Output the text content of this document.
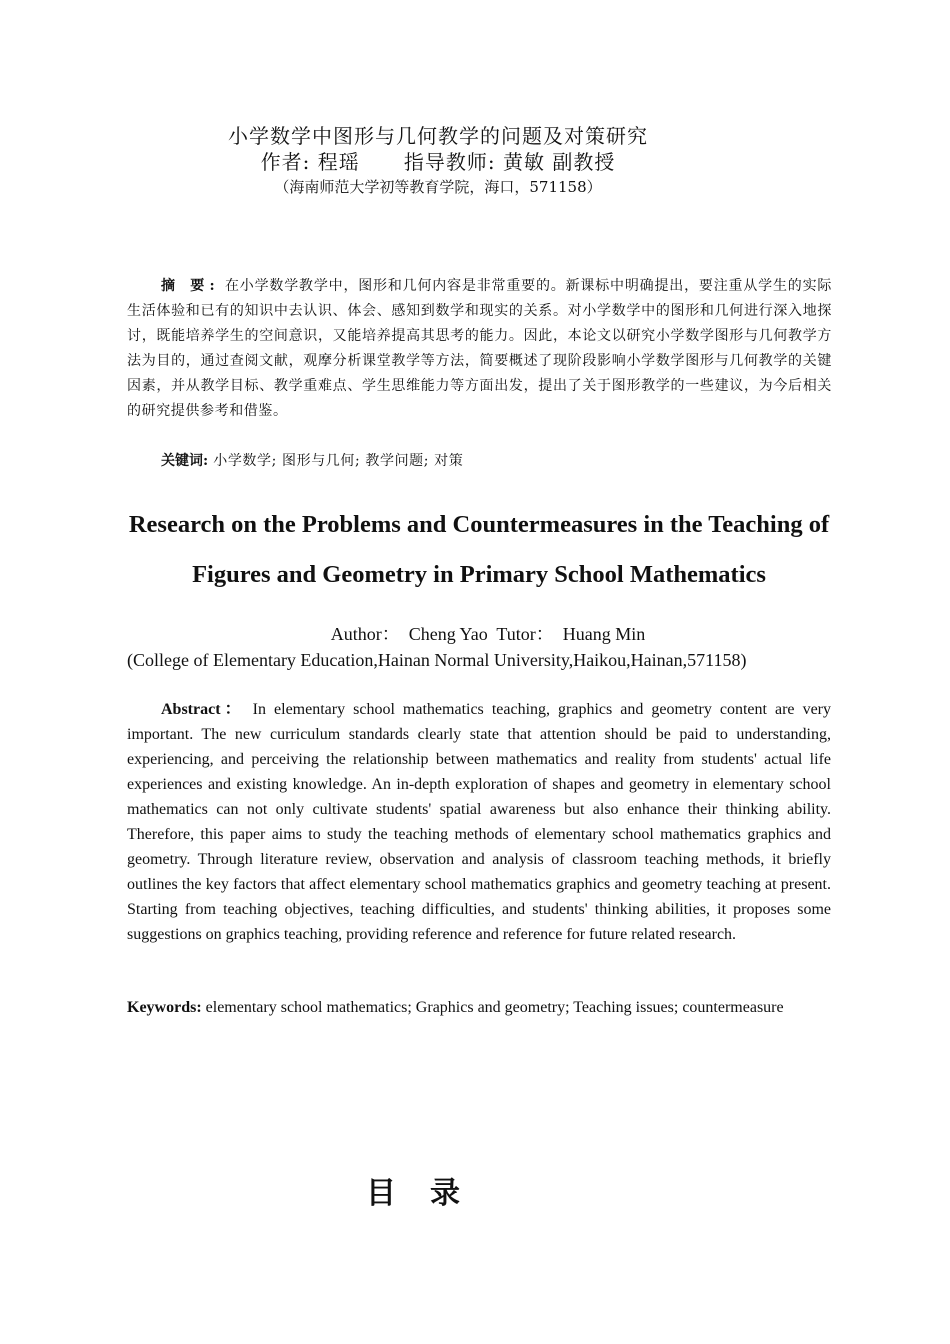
小学数学中图形与几何教学的问题及对策研究
作者: 程瑶      指导教师: 黄敏 副教授
（海南师范大学初等教育学院，海口，571158）
摘 要: 在小学数学教学中，图形和几何内容是非常重要的。新课标中明确提出，要注重从学生的实际生活体验和已有的知识中去认识、体会、感知到数学和现实的关系。对小学数学中的图形和几何进行深入地探讨，既能培养学生的空间意识，又能培养提高其思考的能力。因此，本论文以研究小学数学图形与几何教学方法为目的，通过查阅文献，观摩分析课堂教学等方法，简要概述了现阶段影响小学数学图形与几何教学的关键因素，并从教学目标、教学重难点、学生思维能力等方面出发，提出了关于图形教学的一些建议，为今后相关的研究提供参考和借鉴。
关键词: 小学数学; 图形与几何; 教学问题; 对策
Research on the Problems and Countermeasures in the Teaching of Figures and Geometry in Primary School Mathematics
Author：  Cheng Yao  Tutor：  Huang Min
(College of Elementary Education,Hainan Normal University,Haikou,Hainan,571158)
Abstract： In elementary school mathematics teaching, graphics and geometry content are very important. The new curriculum standards clearly state that attention should be paid to understanding, experiencing, and perceiving the relationship between mathematics and reality from students' actual life experiences and existing knowledge. An in-depth exploration of shapes and geometry in elementary school mathematics can not only cultivate students' spatial awareness but also enhance their thinking ability. Therefore, this paper aims to study the teaching methods of elementary school mathematics graphics and geometry. Through literature review, observation and analysis of classroom teaching methods, it briefly outlines the key factors that affect elementary school mathematics graphics and geometry teaching at present. Starting from teaching objectives, teaching difficulties, and students' thinking abilities, it proposes some suggestions on graphics teaching, providing reference and reference for future related research.
Keywords: elementary school mathematics; Graphics and geometry; Teaching issues; countermeasure
目录
